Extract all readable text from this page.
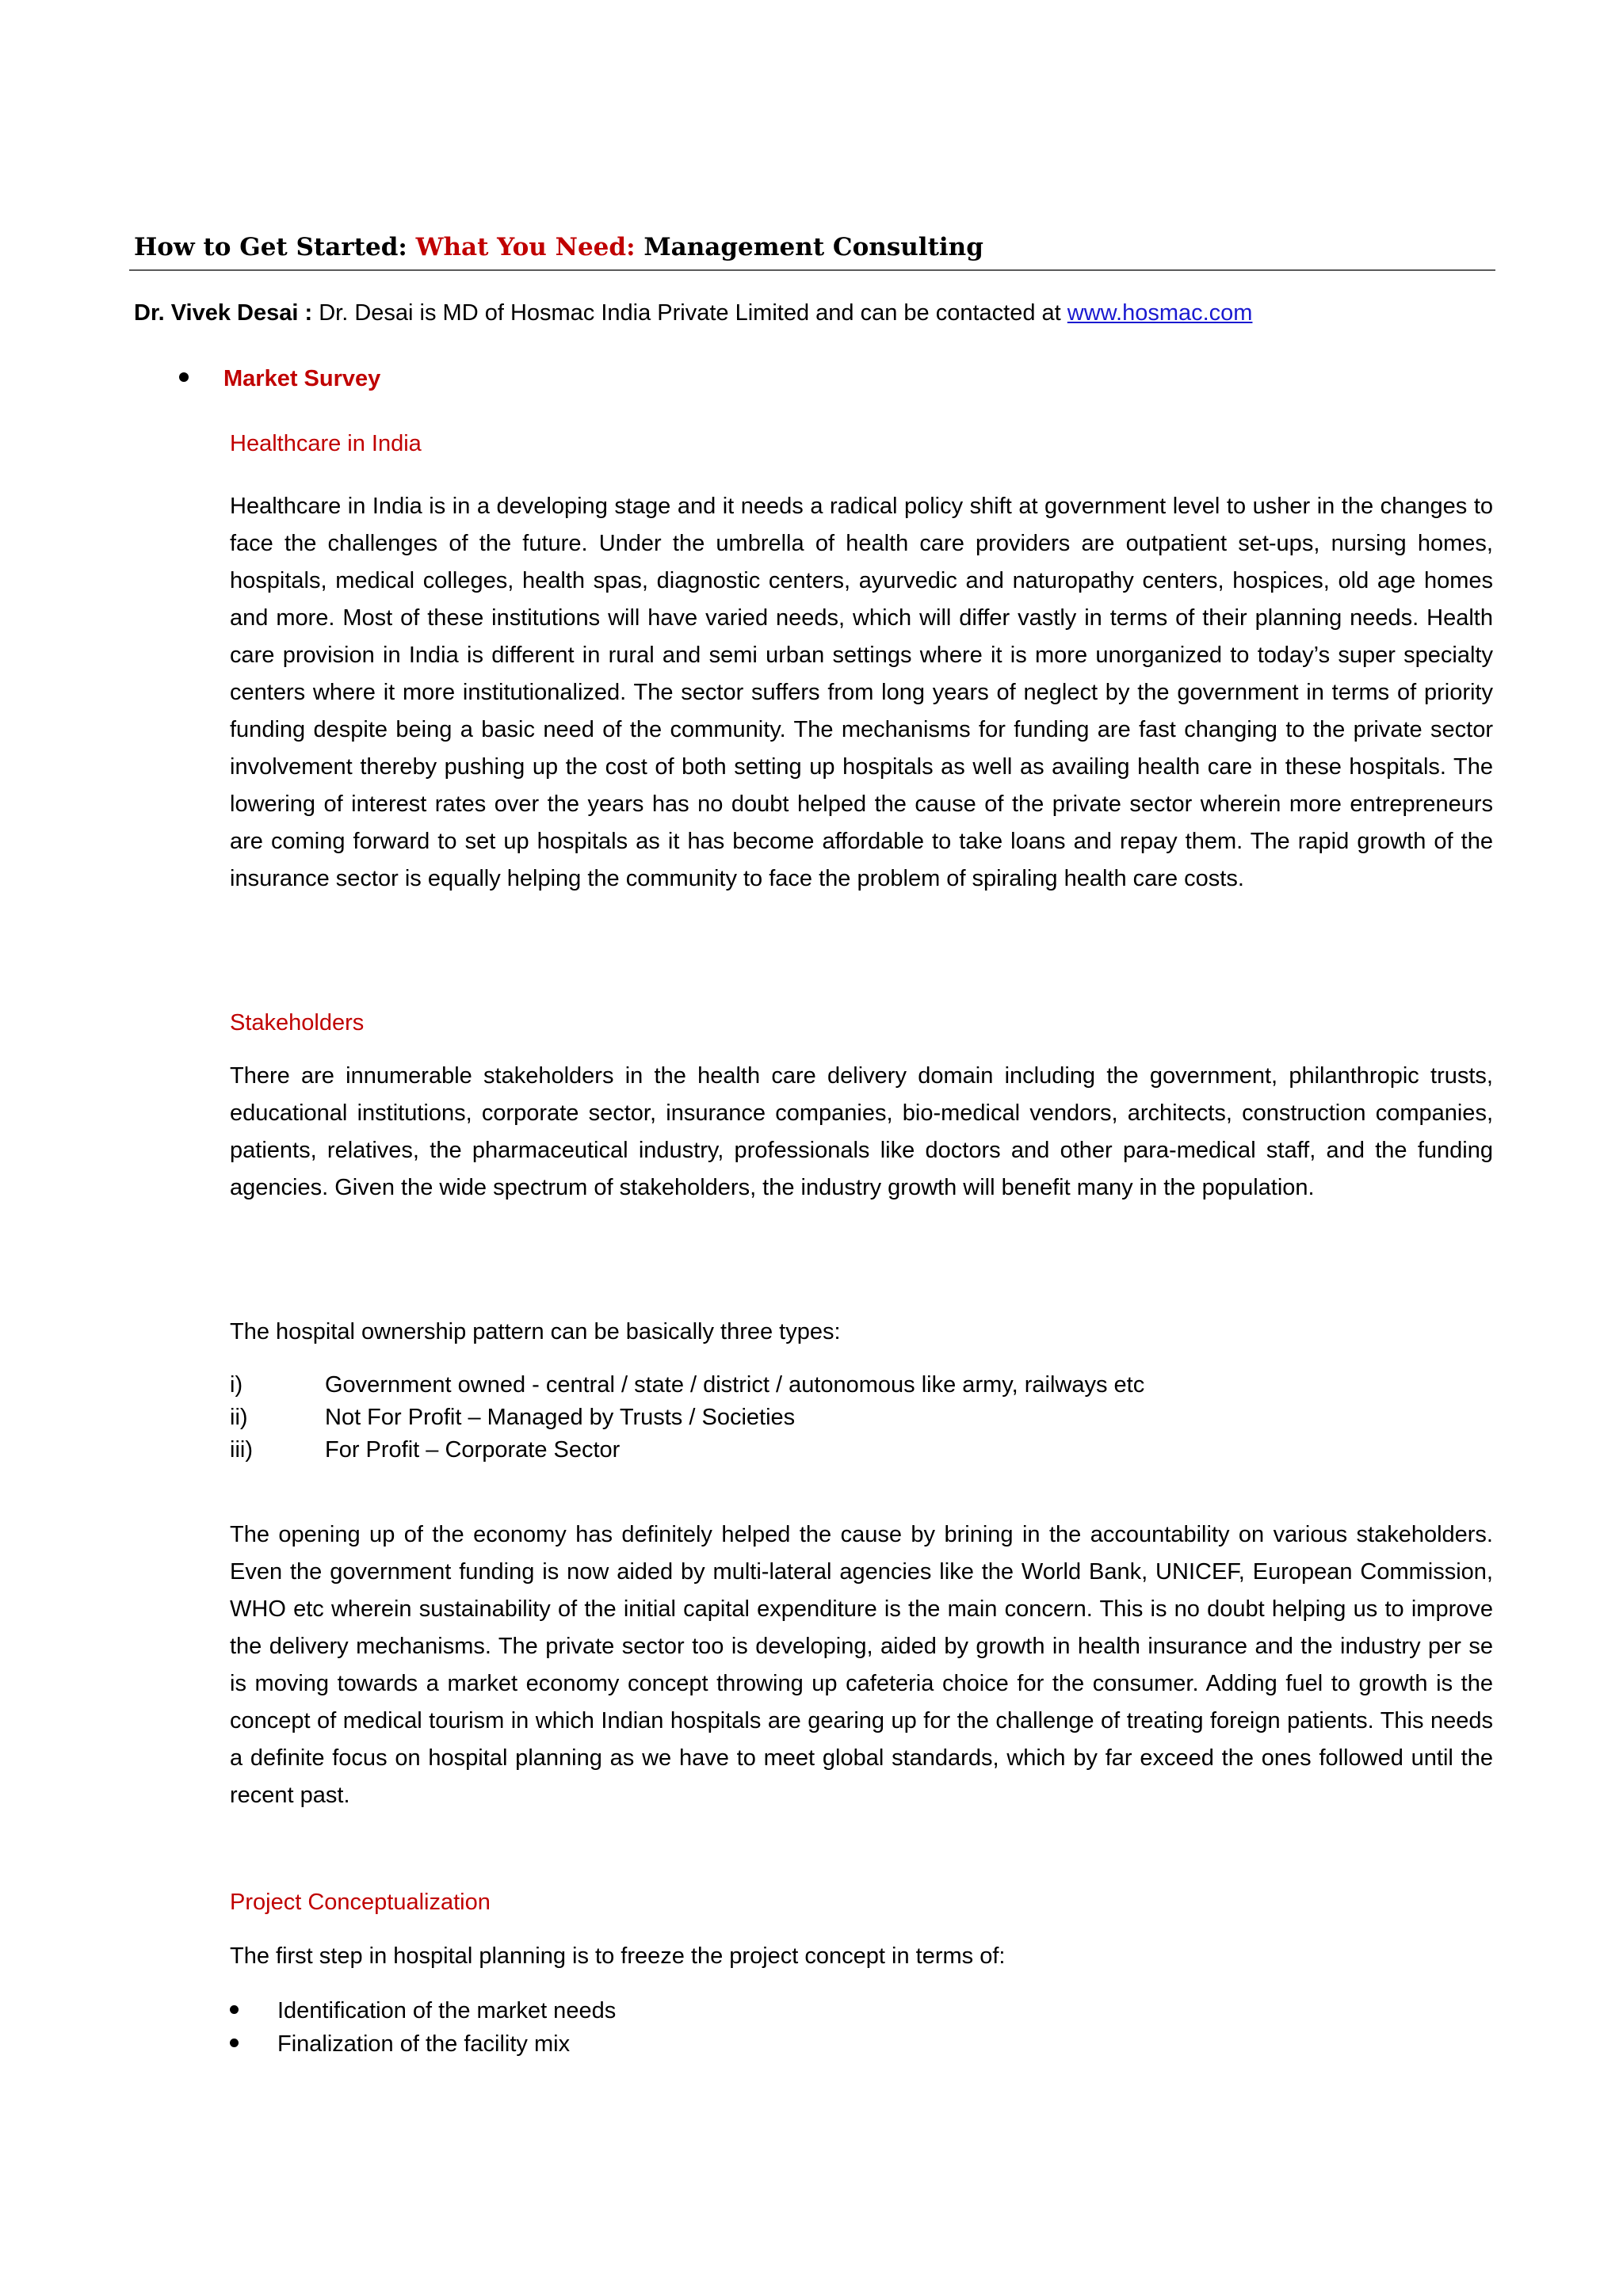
How to Get Started: What You Need: Management Consulting
Dr. Vivek Desai : Dr. Desai is MD of Hosmac India Private Limited and can be contacted at www.hosmac.com
Market Survey
Healthcare in India
Healthcare in India is in a developing stage and it needs a radical policy shift at government level to usher in the changes to face the challenges of the future. Under the umbrella of health care providers are outpatient set-ups, nursing homes, hospitals, medical colleges, health spas, diagnostic centers, ayurvedic and naturopathy centers, hospices, old age homes and more. Most of these institutions will have varied needs, which will differ vastly in terms of their planning needs. Health care provision in India is different in rural and semi urban settings where it is more unorganized to today’s super specialty centers where it more institutionalized. The sector suffers from long years of neglect by the government in terms of priority funding despite being a basic need of the community. The mechanisms for funding are fast changing to the private sector involvement thereby pushing up the cost of both setting up hospitals as well as availing health care in these hospitals. The lowering of interest rates over the years has no doubt helped the cause of the private sector wherein more entrepreneurs are coming forward to set up hospitals as it has become affordable to take loans and repay them. The rapid growth of the insurance sector is equally helping the community to face the problem of spiraling health care costs.
Stakeholders
There are innumerable stakeholders in the health care delivery domain including the government, philanthropic trusts, educational institutions, corporate sector, insurance companies, bio-medical vendors, architects, construction companies, patients, relatives, the pharmaceutical industry, professionals like doctors and other para-medical staff, and the funding agencies. Given the wide spectrum of stakeholders, the industry growth will benefit many in the population.
The hospital ownership pattern can be basically three types:
i)	Government owned - central / state / district / autonomous like army, railways etc
ii)	Not For Profit – Managed by Trusts / Societies
iii)	For Profit – Corporate Sector
The opening up of the economy has definitely helped the cause by brining in the accountability on various stakeholders. Even the government funding is now aided by multi-lateral agencies like the World Bank, UNICEF, European Commission, WHO etc wherein sustainability of the initial capital expenditure is the main concern. This is no doubt helping us to improve the delivery mechanisms. The private sector too is developing, aided by growth in health insurance and the industry per se is moving towards a market economy concept throwing up cafeteria choice for the consumer. Adding fuel to growth is the concept of medical tourism in which Indian hospitals are gearing up for the challenge of treating foreign patients. This needs a definite focus on hospital planning as we have to meet global standards, which by far exceed the ones followed until the recent past.
Project Conceptualization
The first step in hospital planning is to freeze the project concept in terms of:
Identification of the market needs
Finalization of the facility mix
